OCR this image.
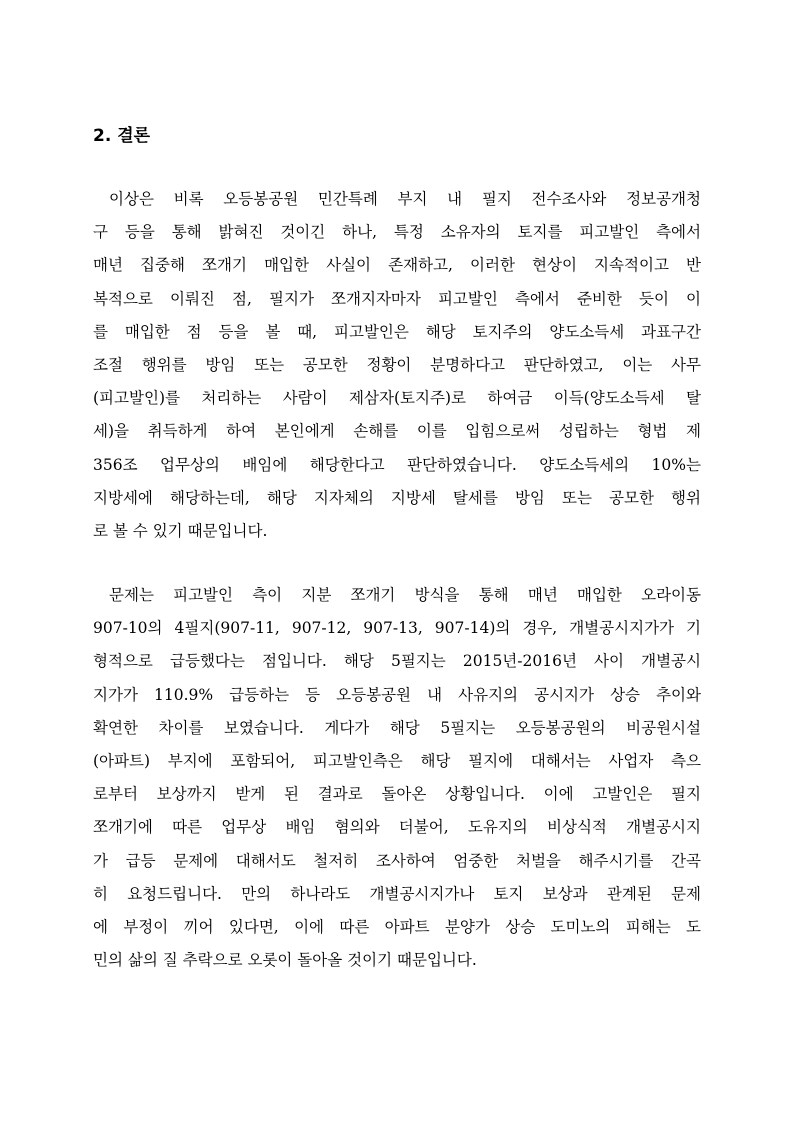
2. 결론
이상은 비록 오등봉공원 민간특례 부지 내 필지 전수조사와 정보공개청
구 등을 통해 밝혀진 것이긴 하나, 특정 소유자의 토지를 피고발인 측에서
매년 집중해 쪼개기 매입한 사실이 존재하고, 이러한 현상이 지속적이고 반
복적으로 이뤄진 점, 필지가 쪼개지자마자 피고발인 측에서 준비한 듯이 이
를 매입한 점 등을 볼 때, 피고발인은 해당 토지주의 양도소득세 과표구간
조절 행위를 방임 또는 공모한 정황이 분명하다고 판단하였고, 이는 사무
(피고발인)를 처리하는 사람이 제삼자(토지주)로 하여금 이득(양도소득세 탈
세)을 취득하게 하여 본인에게 손해를 이를 입힘으로써 성립하는 형법 제
356조 업무상의 배임에 해당한다고 판단하였습니다. 양도소득세의 10%는
지방세에 해당하는데, 해당 지자체의 지방세 탈세를 방임 또는 공모한 행위
로 볼 수 있기 때문입니다.
문제는 피고발인 측이 지분 쪼개기 방식을 통해 매년 매입한 오라이동
907-10의 4필지(907-11, 907-12, 907-13, 907-14)의 경우, 개별공시지가가 기
형적으로 급등했다는 점입니다. 해당 5필지는 2015년-2016년 사이 개별공시
지가가 110.9% 급등하는 등 오등봉공원 내 사유지의 공시지가 상승 추이와
확연한 차이를 보였습니다. 게다가 해당 5필지는 오등봉공원의 비공원시설
(아파트) 부지에 포함되어, 피고발인측은 해당 필지에 대해서는 사업자 측으
로부터 보상까지 받게 된 결과로 돌아온 상황입니다. 이에 고발인은 필지
쪼개기에 따른 업무상 배임 혐의와 더불어, 도유지의 비상식적 개별공시지
가 급등 문제에 대해서도 철저히 조사하여 엄중한 처벌을 해주시기를 간곡
히 요청드립니다. 만의 하나라도 개별공시지가나 토지 보상과 관계된 문제
에 부정이 끼어 있다면, 이에 따른 아파트 분양가 상승 도미노의 피해는 도
민의 삶의 질 추락으로 오롯이 돌아올 것이기 때문입니다.
